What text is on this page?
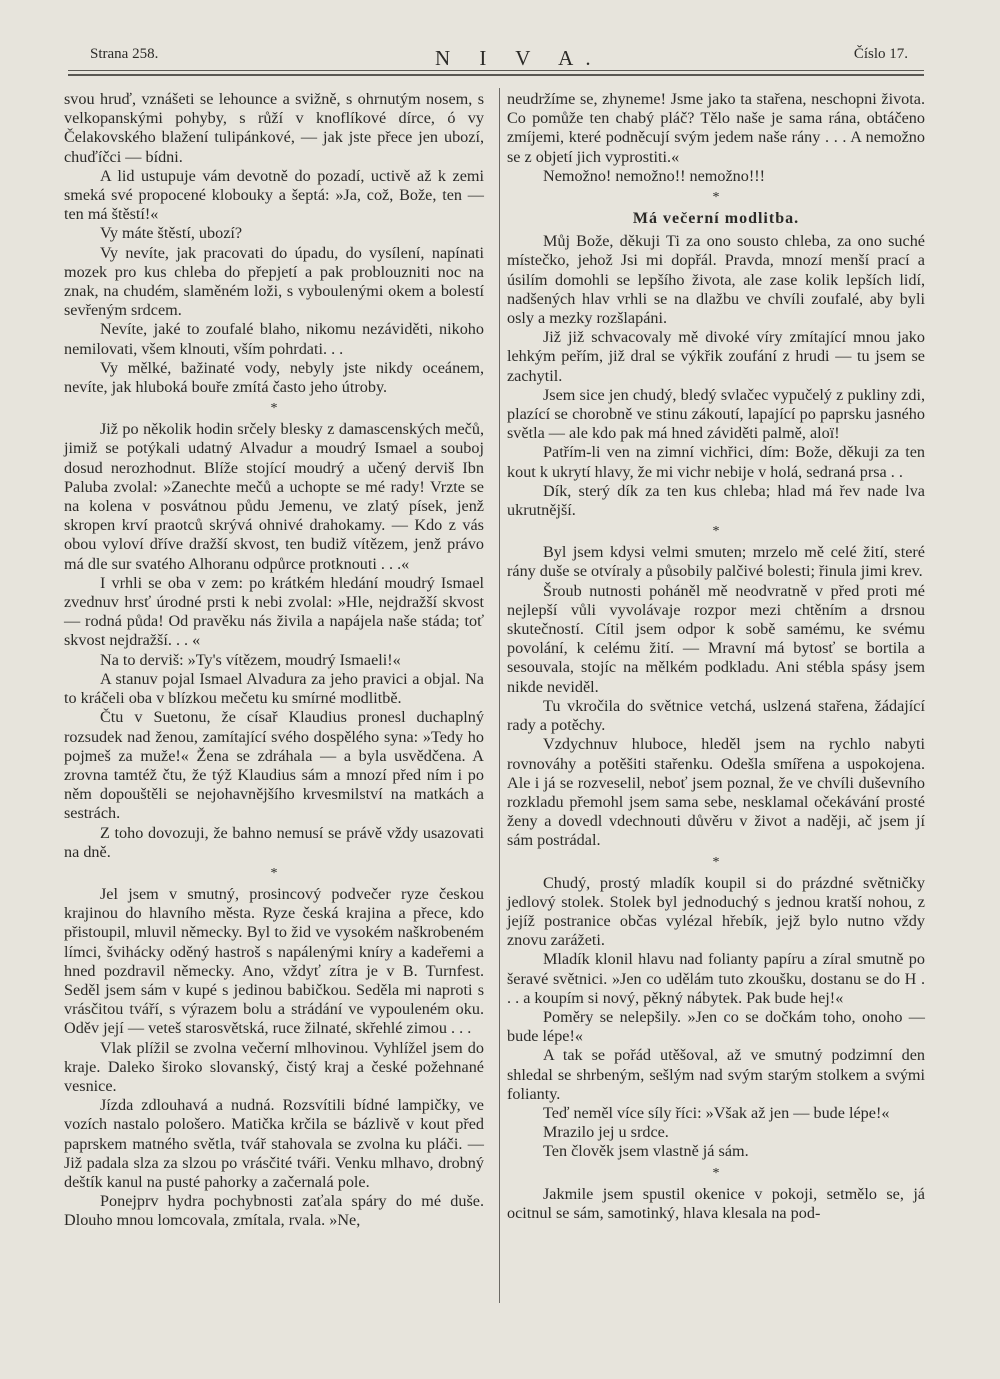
Strana 258.	N I V A.	Číslo 17.

svou hruď, vznášeti se lehounce a svižně, s ohrnutým nosem, s velkopanskými pohyby, s růží v knoflíkové dírce, ó vy Čelakovského blažení tulipánkové, — jak jste přece jen ubozí, chuďíčci — bídni.

A lid ustupuje vám devotně do pozadí, uctivě až k zemi smeká své propocené klobouky a šeptá: »Ja, což, Bože, ten — ten má štěstí!«

Vy máte štěstí, ubozí?

Vy nevíte, jak pracovati do úpadu, do vysílení, napínati mozek pro kus chleba do přepjetí a pak problouzniti noc na znak, na chudém, slaměném loži, s vyboulenými okem a bolestí sevřeným srdcem.

Nevíte, jaké to zoufalé blaho, nikomu nezáviděti, nikoho nemilovati, všem klnouti, vším pohrdati. . .

Vy mělké, bažinaté vody, nebyly jste nikdy oceánem, nevíte, jak hluboká bouře zmítá často jeho útroby.

*

Již po několik hodin srčely blesky z damascenských mečů, jimiž se potýkali udatný Alvadur a moudrý Ismael a souboj dosud nerozhodnut. Blíže stojící moudrý a učený derviš Ibn Paluba zvolal: »Zanechte mečů a uchopte se mé rady! Vrzte se na kolena v posvátnou půdu Jemenu, ve zlatý písek, jenž skropen krví praotců skrývá ohnivé drahokamy. — Kdo z vás obou vyloví dříve dražší skvost, ten budiž vítězem, jenž právo má dle sur svatého Alhoranu odpůrce protknouti . . .«

I vrhli se oba v zem: po krátkém hledání moudrý Ismael zvednuv hrsť úrodné prsti k nebi zvolal: »Hle, nejdražší skvost — rodná půda! Od pravěku nás živila a napájela naše stáda; toť skvost nejdražší. . . «

Na to derviš: »Ty's vítězem, moudrý Ismaeli!«

A stanuv pojal Ismael Alvadura za jeho pravici a objal. Na to kráčeli oba v blízkou mečetu ku smírné modlitbě.

Čtu v Suetonu, že císař Klaudius pronesl duchaplný rozsudek nad ženou, zamítající svého dospělého syna: »Tedy ho pojmeš za muže!« Žena se zdráhala — a byla usvědčena. A zrovna tamtéž čtu, že týž Klaudius sám a mnozí před ním i po něm dopouštěli se nejohavnějšího krvesmilství na matkách a sestrách.

Z toho dovozuji, že bahno nemusí se právě vždy usazovati na dně.

*

Jel jsem v smutný, prosincový podvečer ryze českou krajinou do hlavního města. Ryze česká krajina a přece, kdo přistoupil, mluvil německy. Byl to žid ve vysokém naškrobeném límci, švihácky oděný hastroš s napálenými kníry a kadeřemi a hned pozdravil německy. Ano, vždyť zítra je v B. Turnfest. Seděl jsem sám v kupé s jedinou babičkou. Seděla mi naproti s vrásčitou tváří, s výrazem bolu a strádání ve vypouleném oku. Oděv její — veteš starosvětská, ruce žilnaté, skřehlé zimou . . .

Vlak plížil se zvolna večerní mlhovinou. Vyhlížel jsem do kraje. Daleko široko slovanský, čistý kraj a české požehnané vesnice.

Jízda zdlouhavá a nudná. Rozsvítili bídné lampičky, ve vozích nastalo pološero. Matička krčila se bázlivě v kout před paprskem matného světla, tvář stahovala se zvolna ku pláči. — Již padala slza za slzou po vrásčité tváři. Venku mlhavo, drobný deštík kanul na pusté pahorky a začernalá pole.

Ponejprv hydra pochybnosti zaťala spáry do mé duše. Dlouho mnou lomcovala, zmítala, rvala. »Ne,

neudržíme se, zhyneme! Jsme jako ta stařena, neschopni života. Co pomůže ten chabý pláč? Tělo naše je sama rána, obtáčeno zmíjemi, které podněcují svým jedem naše rány . . . A nemožno se z objetí jich vyprostiti.«

Nemožno! nemožno!! nemožno!!!

*
Má večerní modlitba.

Můj Bože, děkuji Ti za ono sousto chleba, za ono suché místečko, jehož Jsi mi dopřál. Pravda, mnozí menší prací a úsilím domohli se lepšího života, ale zase kolik lepších lidí, nadšených hlav vrhli se na dlažbu ve chvíli zoufalé, aby byli osly a mezky rozšlapáni.

Již již schvacovaly mě divoké víry zmítající mnou jako lehkým peřím, již dral se výkřik zoufání z hrudi — tu jsem se zachytil.

Jsem sice jen chudý, bledý svlačec vypučelý z pukliny zdi, plazící se chorobně ve stinu zákoutí, lapající po paprsku jasného světla — ale kdo pak má hned záviděti palmě, aloï!

Patřím-li ven na zimní vichřici, dím: Bože, děkuji za ten kout k ukrytí hlavy, že mi vichr nebije v holá, sedraná prsa . .

Dík, sterý dík za ten kus chleba; hlad má řev nade lva ukrutnější.

*

Byl jsem kdysi velmi smuten; mrzelo mě celé žití, steré rány duše se otvíraly a působily palčivé bolesti; řinula jimi krev.

Šroub nutnosti poháněl mě neodvratně v před proti mé nejlepší vůli vyvolávaje rozpor mezi chtěním a drsnou skutečností. Cítil jsem odpor k sobě samému, ke svému povolání, k celému žití. — Mravní má bytosť se bortila a sesouvala, stojíc na mělkém podkladu. Ani stébla spásy jsem nikde neviděl.

Tu vkročila do světnice vetchá, uslzená stařena, žádající rady a potěchy.

Vzdychnuv hluboce, hleděl jsem na rychlo nabyti rovnováhy a potěšiti stařenku. Odešla smířena a uspokojena. Ale i já se rozveselil, neboť jsem poznal, že ve chvíli duševního rozkladu přemohl jsem sama sebe, nesklamal očekávání prosté ženy a dovedl vdechnouti důvěru v život a naději, ač jsem jí sám postrádal.

*

Chudý, prostý mladík koupil si do prázdné světničky jedlový stolek. Stolek byl jednoduchý s jednou kratší nohou, z jejíž postranice občas vylézal hřebík, jejž bylo nutno vždy znovu zarážeti.

Mladík klonil hlavu nad folianty papíru a zíral smutně po šeravé světnici. »Jen co udělám tuto zkoušku, dostanu se do H . . . a koupím si nový, pěkný nábytek. Pak bude hej!«

Poměry se nelepšily. »Jen co se dočkám toho, onoho — bude lépe!«

A tak se pořád utěšoval, až ve smutný podzimní den shledal se shrbeným, sešlým nad svým starým stolkem a svými folianty.

Teď neměl více síly říci: »Však až jen — bude lépe!«

Mrazilo jej u srdce.

Ten člověk jsem vlastně já sám.

*

Jakmile jsem spustil okenice v pokoji, setmělo se, já ocitnul se sám, samotinký, hlava klesala na pod-
